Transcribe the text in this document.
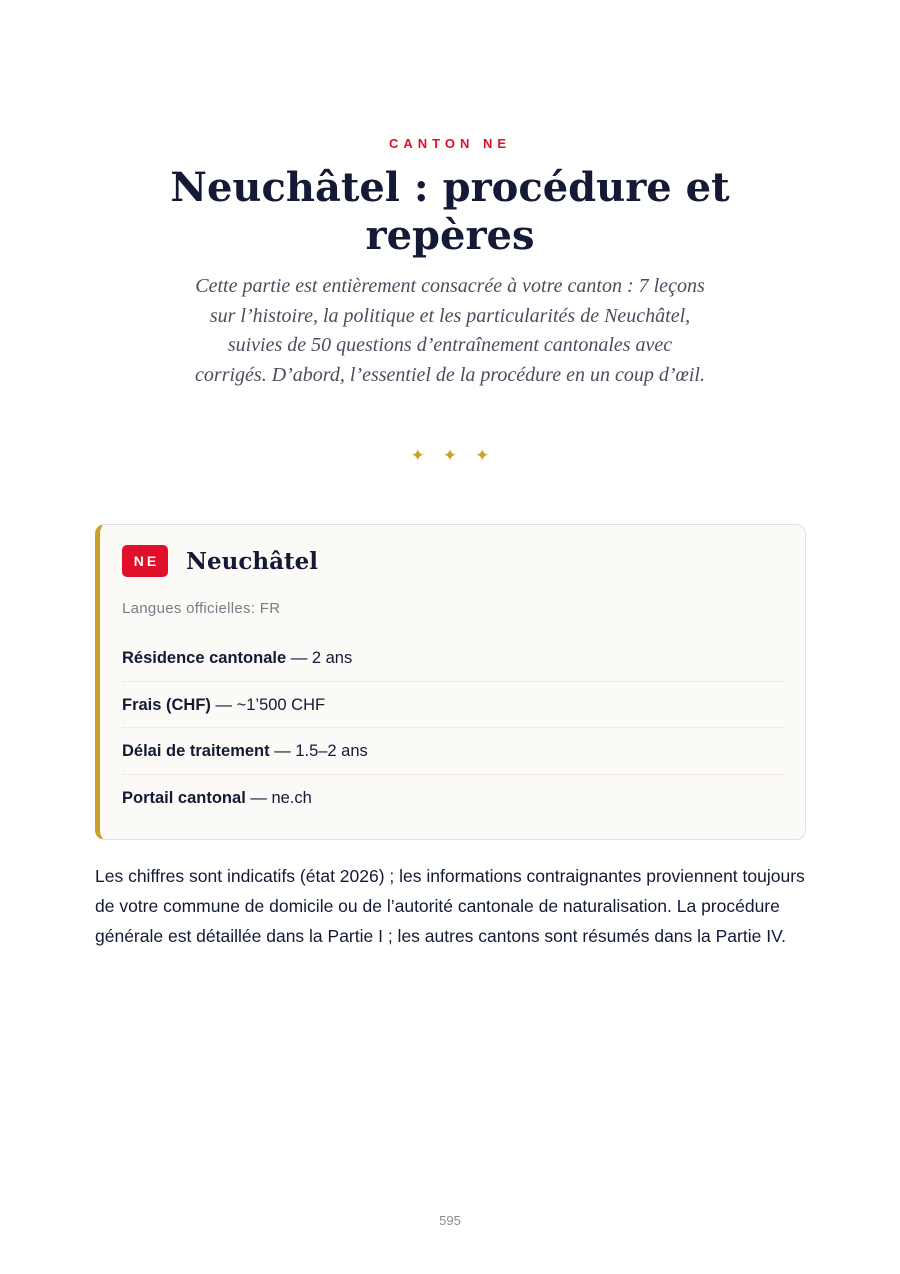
CANTON NE
Neuchâtel : procédure et repères

Cette partie est entièrement consacrée à votre canton : 7 leçons sur l’histoire, la politique et les particularités de Neuchâtel, suivies de 50 questions d’entraînement cantonales avec corrigés. D’abord, l’essentiel de la procédure en un coup d’œil.

✦✦✦
NE	Neuchâtel
Langues officielles: FR
Résidence cantonale — 2 ans
Frais (CHF) — ~1’500 CHF
Délai de traitement — 1.5–2 ans
Portail cantonal — ne.ch

Les chiffres sont indicatifs (état 2026) ; les informations contraignantes proviennent toujours de votre commune de domicile ou de l’autorité cantonale de naturalisation. La procédure générale est détaillée dans la Partie I ; les autres cantons sont résumés dans la Partie IV.

595
